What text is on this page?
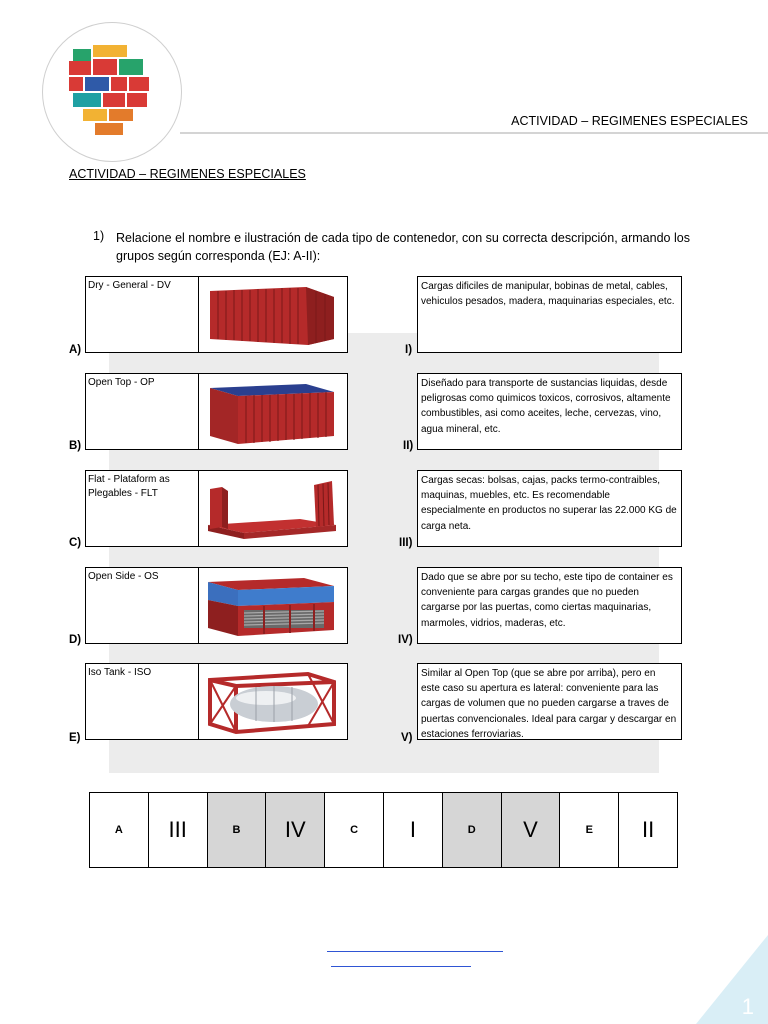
ACTIVIDAD – REGIMENES ESPECIALES
ACTIVIDAD – REGIMENES ESPECIALES
1) Relacione el nombre e ilustración de cada tipo de contenedor, con su correcta descripción, armando los grupos según corresponda (EJ: A-II):
Dry - General - DV
A)
Open Top - OP
B)
Flat - Plataform as Plegables - FLT
C)
Open Side - OS
D)
Iso Tank - ISO
E)
Cargas dificiles de manipular, bobinas de metal, cables, vehiculos pesados, madera, maquinarias especiales, etc.
I)
Diseñado para transporte de sustancias liquidas, desde peligrosas como quimicos toxicos, corrosivos, altamente combustibles, asi como aceites, leche, cervezas, vino, agua mineral, etc.
II)
Cargas secas: bolsas, cajas, packs termo-contraibles, maquinas, muebles, etc. Es recomendable especialmente en productos no superar las 22.000 KG de carga neta.
III)
Dado que se abre por su techo, este tipo de container es conveniente para cargas grandes que no pueden cargarse por las puertas, como ciertas maquinarias, marmoles, vidrios, maderas, etc.
IV)
Similar al Open Top (que se abre por arriba), pero en este caso su apertura es lateral: conveniente para las cargas de volumen que no pueden cargarse a traves de puertas convencionales. Ideal para cargar y descargar en estaciones ferroviarias.
V)
A	III	B	IV	C	I	D	V	E	II
1
